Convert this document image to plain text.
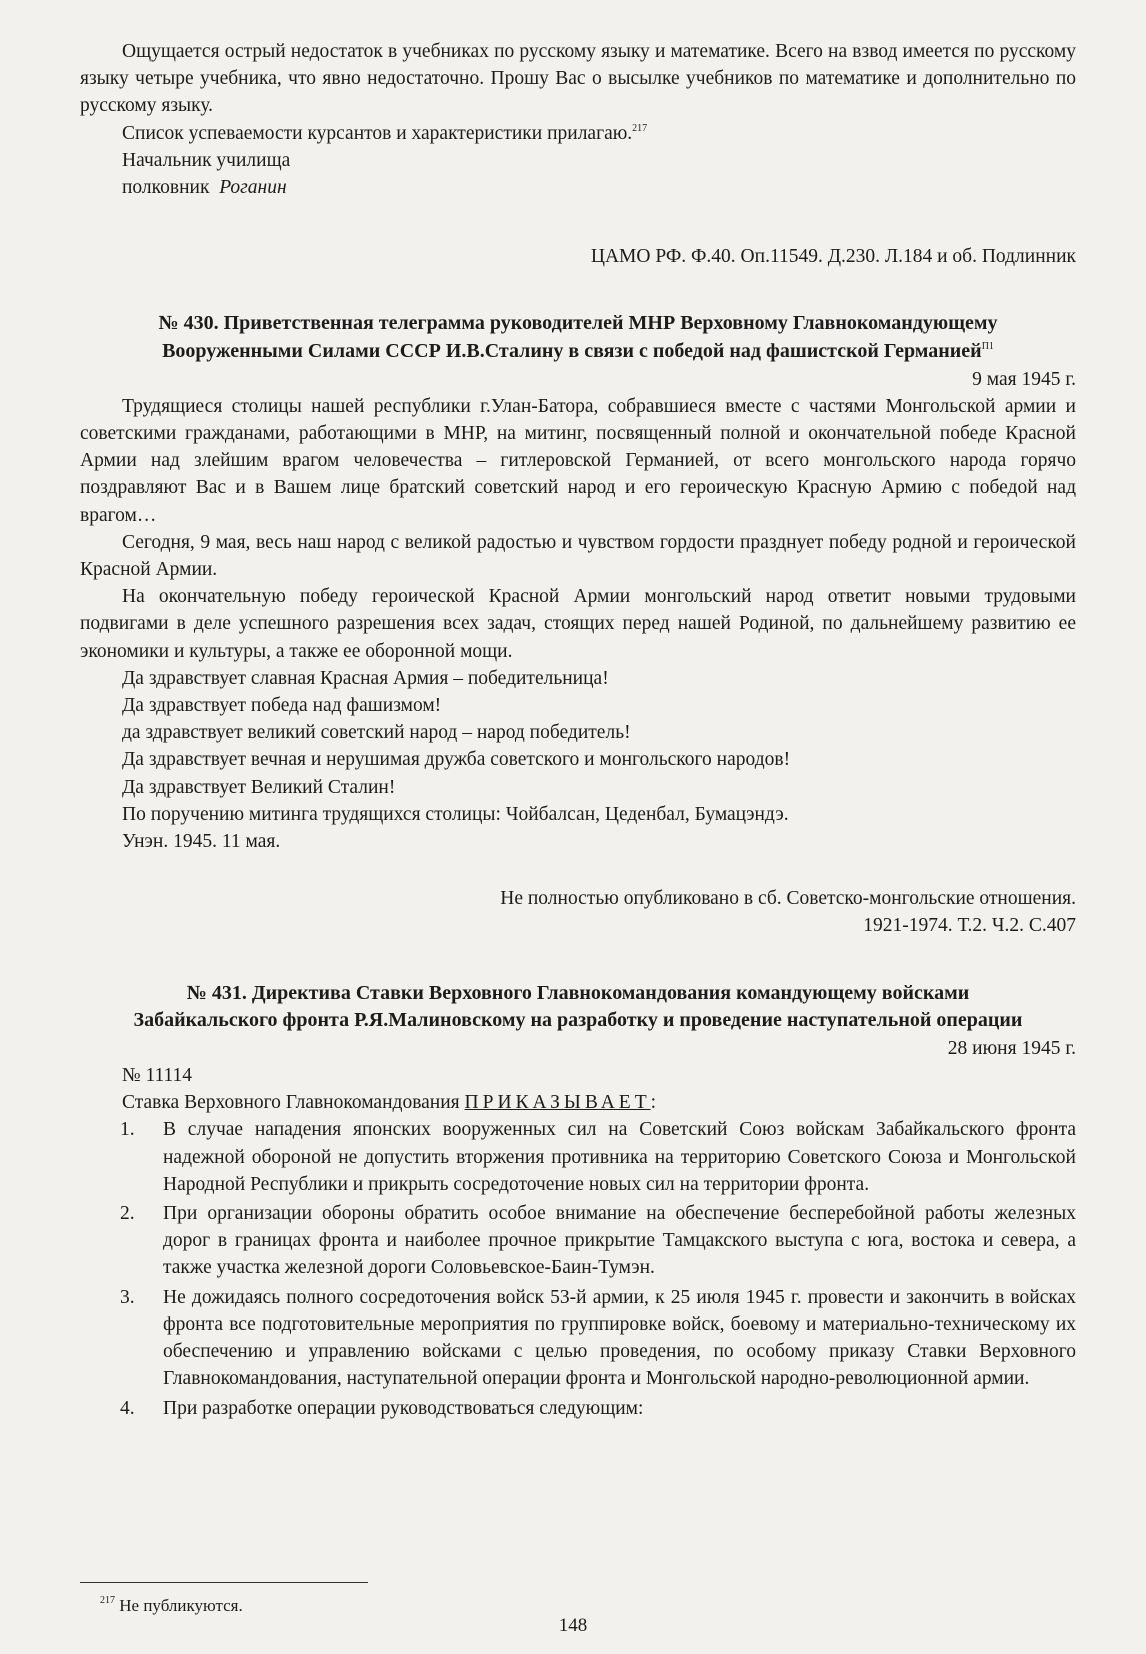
Ощущается острый недостаток в учебниках по русскому языку и математике. Всего на взвод имеется по русскому языку четыре учебника, что явно недостаточно. Прошу Вас о высылке учебников по математике и дополнительно по русскому языку.

Список успеваемости курсантов и характеристики прилагаю.$^{217}$

Начальник училища

полковник Роганин

ЦАМО РФ. Ф.40. Оп.11549. Д.230. Л.184 и об. Подлинник

№ 430. Приветственная телеграмма руководителей МНР Верховному Главнокомандующему

Вооруженными Силами СССР И.В.Сталину в связи с победой над фашистской Германией$^{П1}$

9 мая 1945 г.

Трудящиеся столицы нашей республики г.Улан-Батора, собравшиеся вместе с частями Монгольской армии и советскими гражданами, работающими в МНР, на митинг, посвященный полной и окончательной победе Красной Армии над злейшим врагом человечества – гитлеровской Германией, от всего монгольского народа горячо поздравляют Вас и в Вашем лице братский советский народ и его героическую Красную Армию с победой над врагом…

Сегодня, 9 мая, весь наш народ с великой радостью и чувством гордости празднует победу родной и героической Красной Армии.

На окончательную победу героической Красной Армии монгольский народ ответит новыми трудовыми подвигами в деле успешного разрешения всех задач, стоящих перед нашей Родиной, по дальнейшему развитию ее экономики и культуры, а также ее оборонной мощи.

Да здравствует славная Красная Армия – победительница!

Да здравствует победа над фашизмом!

да здравствует великий советский народ – народ победитель!

Да здравствует вечная и нерушимая дружба советского и монгольского народов!

Да здравствует Великий Сталин!

По поручению митинга трудящихся столицы: Чойбалсан, Цеденбал, Бумацэндэ.

Унэн. 1945. 11 мая.

Не полностью опубликовано в сб. Советско-монгольские отношения.

1921-1974. Т.2. Ч.2. С.407

№ 431. Директива Ставки Верховного Главнокомандования командующему войсками

Забайкальского фронта Р.Я.Малиновскому на разработку и проведение наступательной операции

28 июня 1945 г.

№ 11114

Ставка Верховного Главнокомандования ПРИКАЗЫВАЕТ:

1. В случае нападения японских вооруженных сил на Советский Союз войскам Забайкальского фронта надежной обороной не допустить вторжения противника на территорию Советского Союза и Монгольской Народной Республики и прикрыть сосредоточение новых сил на территории фронта.
2. При организации обороны обратить особое внимание на обеспечение бесперебойной работы железных дорог в границах фронта и наиболее прочное прикрытие Тамцакского выступа с юга, востока и севера, а также участка железной дороги Соловьевское-Баин-Тумэн.
3. Не дожидаясь полного сосредоточения войск 53-й армии, к 25 июля 1945 г. провести и закончить в войсках фронта все подготовительные мероприятия по группировке войск, боевому и материально-техническому их обеспечению и управлению войсками с целью проведения, по особому приказу Ставки Верховного Главнокомандования, наступательной операции фронта и Монгольской народно-революционной армии.
4. При разработке операции руководствоваться следующим:
$^{217}$ Не публикуются.
148
